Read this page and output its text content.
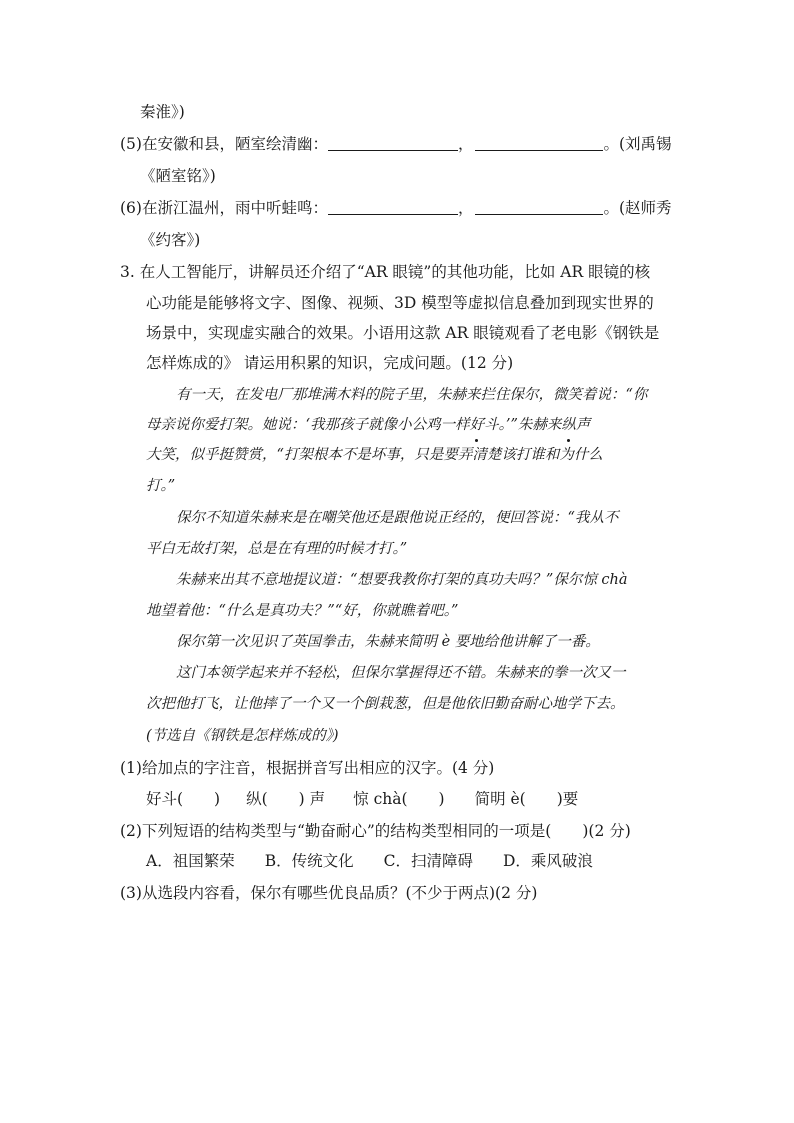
秦淮》)
(5)在安徽和县，陋室绘清幽：	，	。(刘禹锡
《陋室铭》)
(6)在浙江温州，雨中听蛙鸣：	，	。(赵师秀
《约客》)
3. 在人工智能厅，讲解员还介绍了“AR 眼镜”的其他功能，比如 AR 眼镜的核
心功能是能够将文字、图像、视频、3D 模型等虚拟信息叠加到现实世界的
场景中，实现虚实融合的效果。小语用这款 AR 眼镜观看了老电影《钢铁是
怎样炼成的》 请运用积累的知识，完成问题。(12 分)
有一天，在发电厂那堆满木料的院子里，朱赫来拦住保尔，微笑着说：“你
母亲说你爱打架。她说：‘我那孩子就像小公鸡一样好斗。’”朱赫来纵声
大笑，似乎挺赞赏，“打架根本不是坏事，只是要弄清楚该打谁和为什么
打。”
保尔不知道朱赫来是在嘲笑他还是跟他说正经的，便回答说：“我从不
平白无故打架，总是在有理的时候才打。”
朱赫来出其不意地提议道：“想要我教你打架的真功夫吗？”保尔惊 chà
地望着他：“什么是真功夫？”“好，你就瞧着吧。”
保尔第一次见识了英国拳击，朱赫来简明 è 要地给他讲解了一番。
这门本领学起来并不轻松，但保尔掌握得还不错。朱赫来的拳一次又一
次把他打飞，让他摔了一个又一个倒栽葱，但是他依旧勤奋耐心地学下去。
(节选自《钢铁是怎样炼成的》)
(1)给加点的字注音，根据拼音写出相应的汉字。(4 分)
好斗(　　) 纵(　　) 声 惊 chà(　　) 简明 è(　　)要
(2)下列短语的结构类型与“勤奋耐心”的结构类型相同的一项是(　　)(2 分)
A．祖国繁荣 B．传统文化 C．扫清障碍 D．乘风破浪
(3)从选段内容看，保尔有哪些优良品质？(不少于两点)(2 分)
